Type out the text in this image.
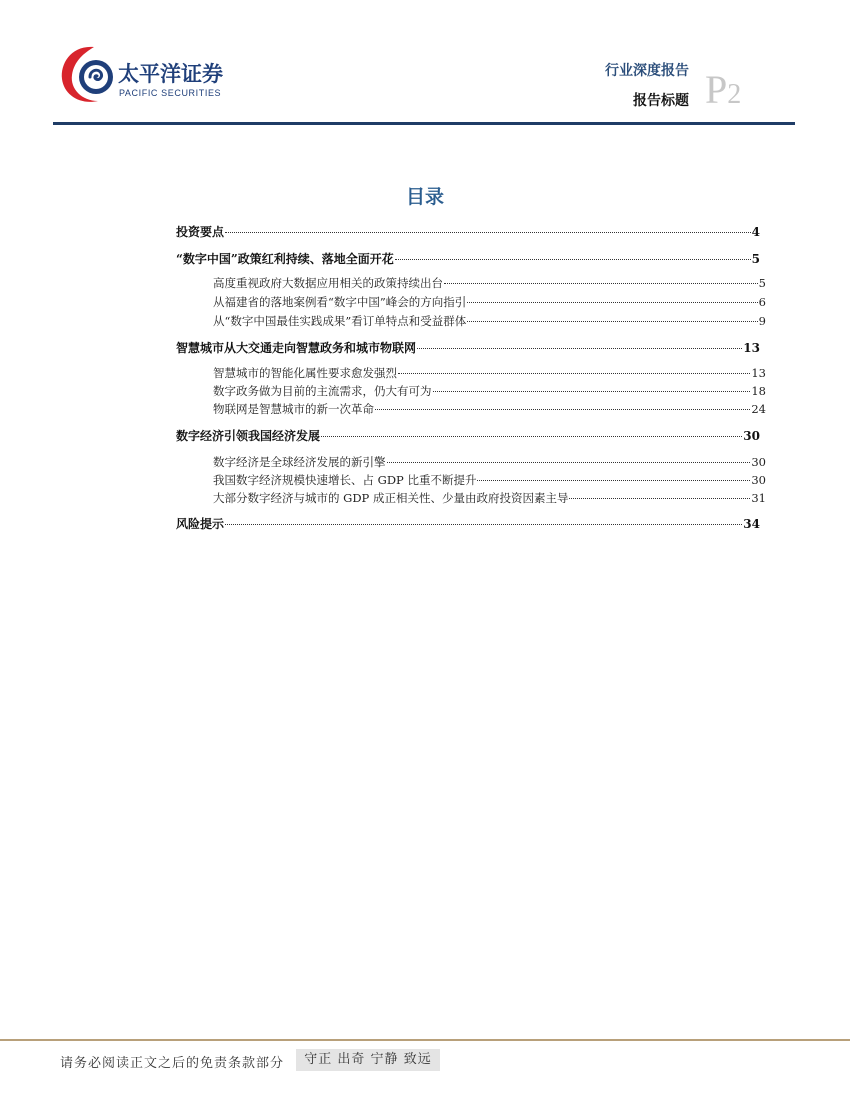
太平洋证券
PACIFIC SECURITIES
行业深度报告
报告标题 P2
目录
投资要点	4
“数字中国”政策红利持续、落地全面开花	5
高度重视政府大数据应用相关的政策持续出台	5
从福建省的落地案例看“数字中国”峰会的方向指引	6
从“数字中国最佳实践成果”看订单特点和受益群体	9
智慧城市从大交通走向智慧政务和城市物联网	13
智慧城市的智能化属性要求愈发强烈	13
数字政务做为目前的主流需求，仍大有可为	18
物联网是智慧城市的新一次革命	24
数字经济引领我国经济发展	30
数字经济是全球经济发展的新引擎	30
我国数字经济规模快速增长、占 GDP 比重不断提升	30
大部分数字经济与城市的 GDP 成正相关性、少量由政府投资因素主导	31
风险提示	34
请务必阅读正文之后的免责条款部分	守正 出奇 宁静 致远
